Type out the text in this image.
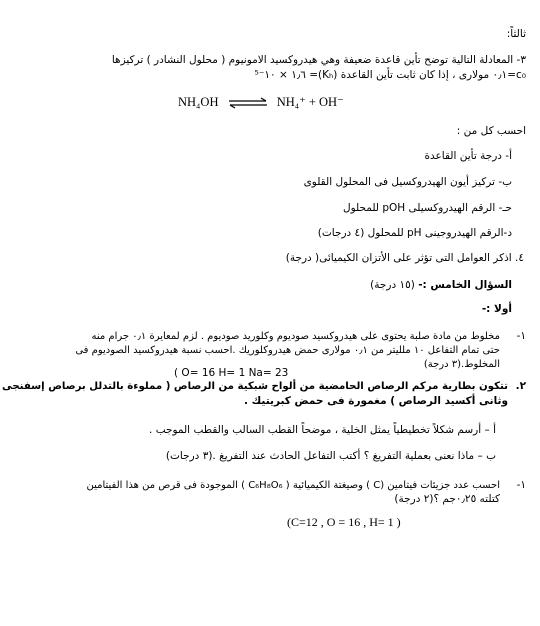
ثالثاً:
٣- المعادلة التالية توضح تأين قاعدة ضعيفة وهي هيدروكسيد الامونيوم ( محلول النشادر ) تركيزها
c₀=٠٫١ مولارى ، إذا كان ثابت تأين القاعدة (Kₕ)= ١٫٦ × ١٠⁻⁵
NH₄OH ⇌ NH₄⁺ + OH⁻
احسب كل من :
أ- درجة تأين القاعدة
ب- تركيز أيون الهيدروكسيل فى المحلول القلوى
حـ- الرقم الهيدروكسيلى pOH للمحلول
د-الرقم الهيدروجينى pH للمحلول (٤ درجات)
٤. اذكر العوامل التى تؤثر على الأتزان الكيميائى( درجة)
السؤال الخامس :- (١٥ درجة)
أولا :-
١-
مخلوط من مادة صلبة يحتوى على هيدروكسيد صوديوم وكلوريد صوديوم . لزم لمعايرة ٠٫١ جرام منه
حتى تمام التفاعل ١٠ ملليتر من ٠٫١ مولارى حمض هيدروكلوريك .احسب نسبة هيدروكسيد الصوديوم فى
المخلوط.(٣ درجة)
( O= 16 H= 1 Na= 23
٢.
تتكون بطارية مركم الرصاص الحامضية من ألواح شبكية من الرصاص ( مملوءة بالتدلل برصاص إسفنجى
وثانى أكسيد الرصاص ) مغمورة فى حمض كبريتيك .
أ – أرسم شكلاً تخطيطياً يمثل الخلية ، موضحاً القطب السالب والقطب الموجب .
ب – ماذا نعنى بعملية التفريغ ؟ أكتب التفاعل الحادث عند التفريغ .(٣ درجات)
١-
احسب عدد جزيئات فيتامين (C ) وصيغتة الكيميائية ( C₆H₈O₆ ) الموجودة فى قرص من هذا الفيتامين
كتلته ٠٫٢٥جم ؟(٢ درجة)
(C=12 , O = 16 , H= 1 )
